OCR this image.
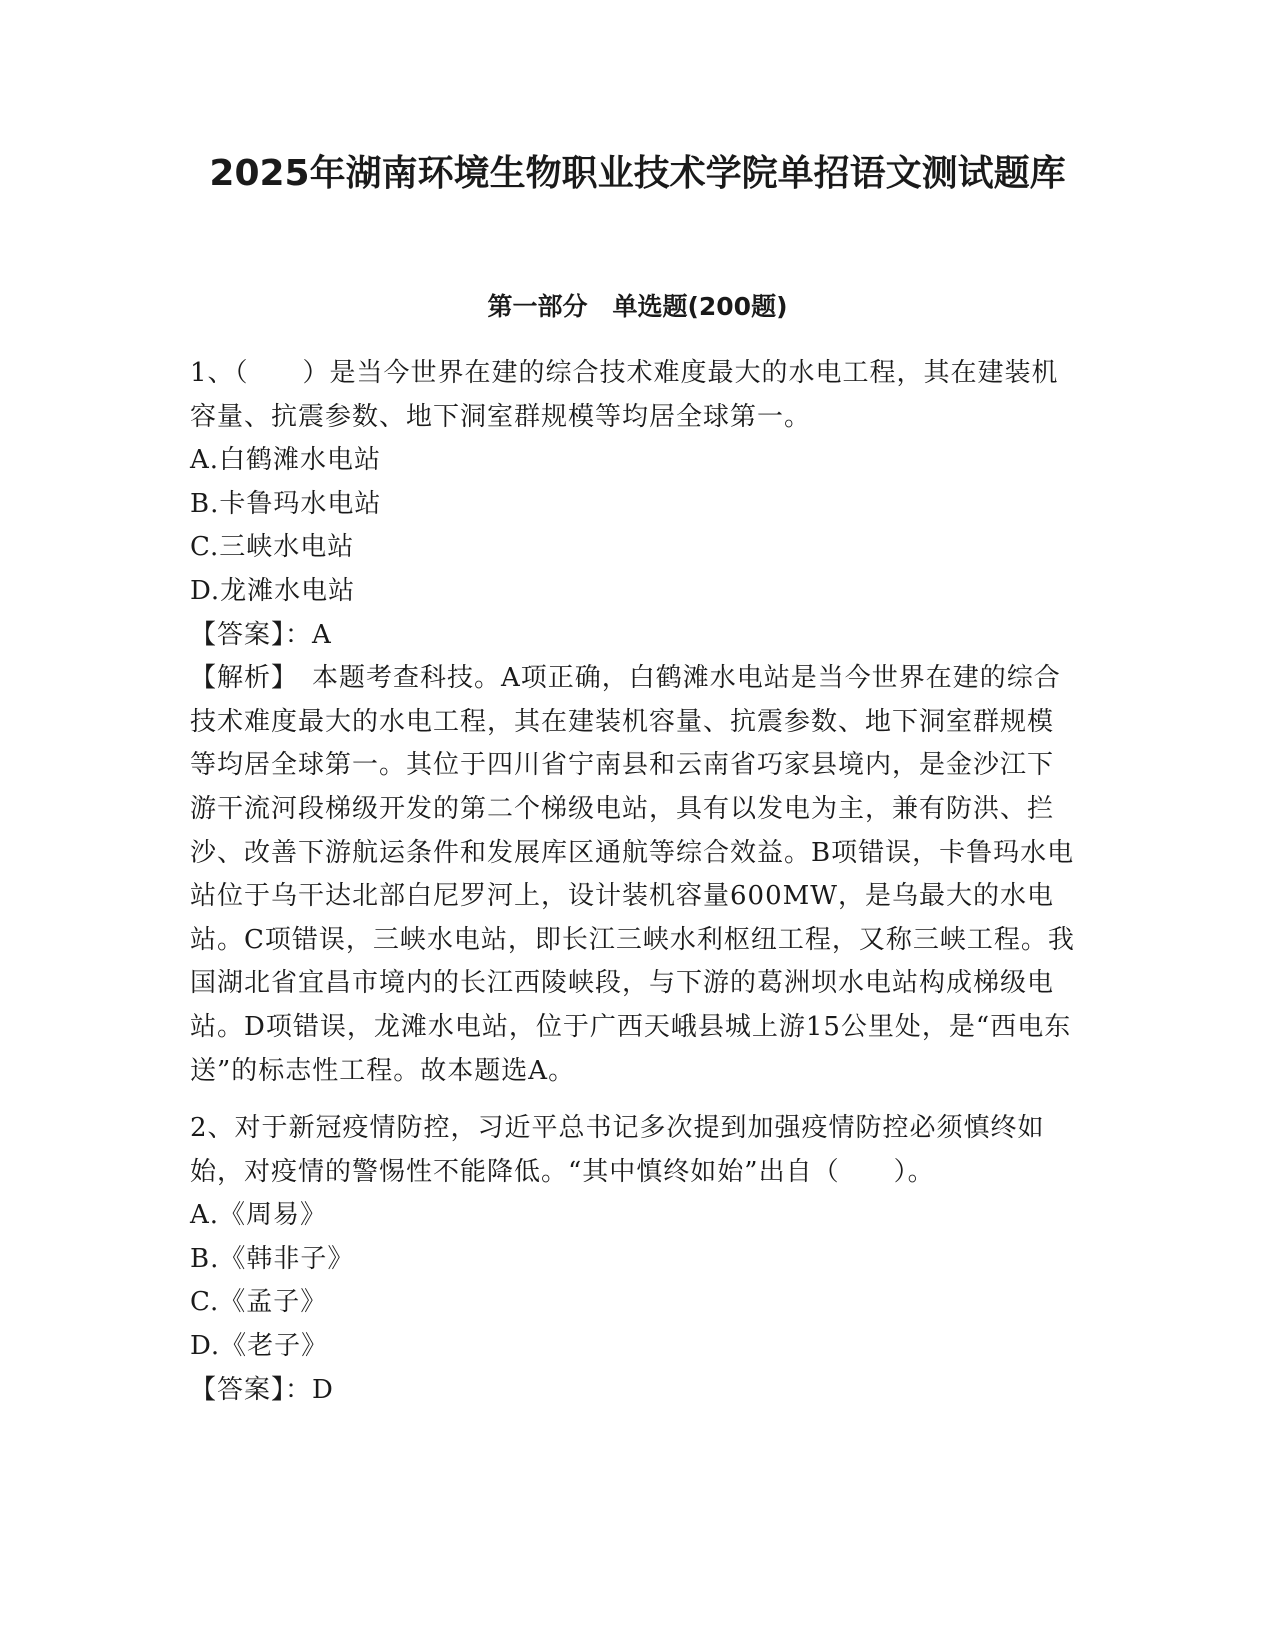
2025年湖南环境生物职业技术学院单招语文测试题库
第一部分　单选题(200题)
1、（　　）是当今世界在建的综合技术难度最大的水电工程，其在建装机容量、抗震参数、地下洞室群规模等均居全球第一。
A.白鹤滩水电站
B.卡鲁玛水电站
C.三峡水电站
D.龙滩水电站
【答案】：A
【解析】　本题考查科技。A项正确，白鹤滩水电站是当今世界在建的综合技术难度最大的水电工程，其在建装机容量、抗震参数、地下洞室群规模等均居全球第一。其位于四川省宁南县和云南省巧家县境内，是金沙江下游干流河段梯级开发的第二个梯级电站，具有以发电为主，兼有防洪、拦沙、改善下游航运条件和发展库区通航等综合效益。B项错误，卡鲁玛水电站位于乌干达北部白尼罗河上，设计装机容量600MW，是乌最大的水电站。C项错误，三峡水电站，即长江三峡水利枢纽工程，又称三峡工程。我国湖北省宜昌市境内的长江西陵峡段，与下游的葛洲坝水电站构成梯级电站。D项错误，龙滩水电站，位于广西天峨县城上游15公里处，是“西电东送”的标志性工程。故本题选A。
2、对于新冠疫情防控，习近平总书记多次提到加强疫情防控必须慎终如始，对疫情的警惕性不能降低。“其中慎终如始”出自（　　）。
A.《周易》
B.《韩非子》
C.《孟子》
D.《老子》
【答案】：D
